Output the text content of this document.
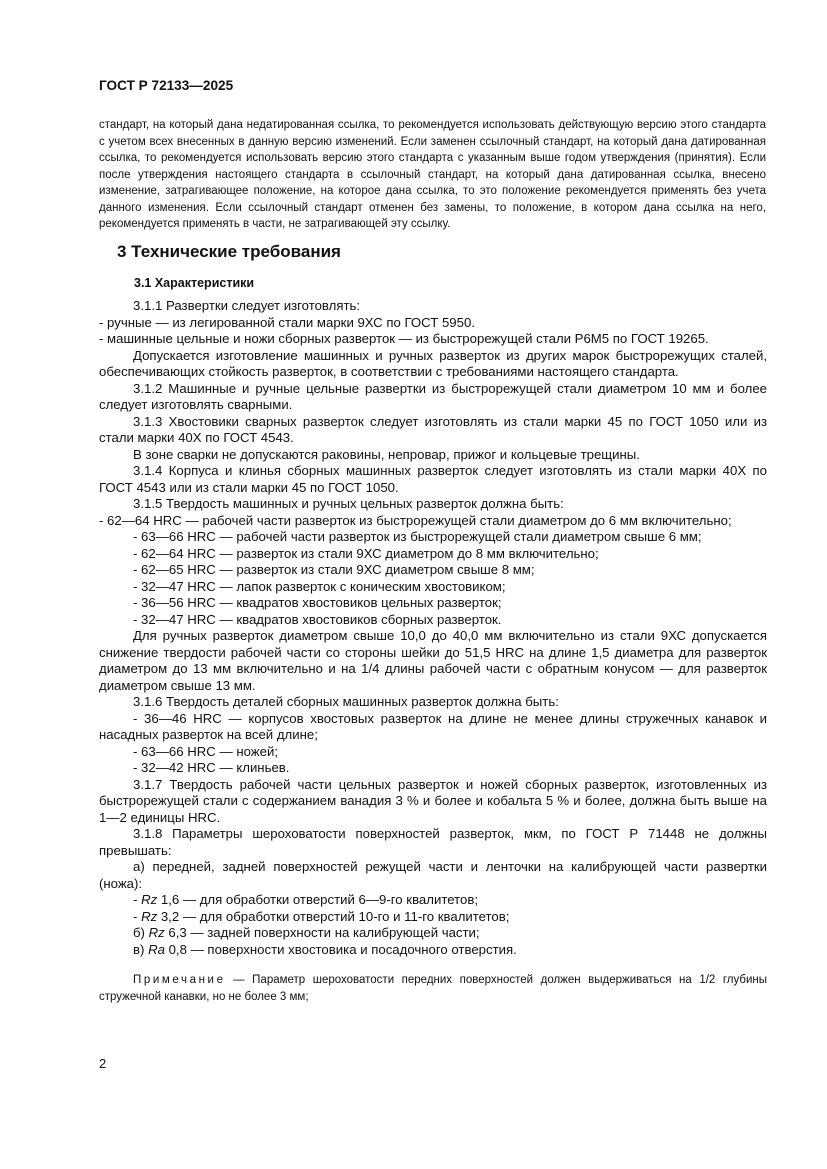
ГОСТ Р 72133—2025

стандарт, на который дана недатированная ссылка, то рекомендуется использовать действующую версию этого стандарта с учетом всех внесенных в данную версию изменений. Если заменен ссылочный стандарт, на который дана датированная ссылка, то рекомендуется использовать версию этого стандарта с указанным выше годом утверждения (принятия). Если после утверждения настоящего стандарта в ссылочный стандарт, на который дана датированная ссылка, внесено изменение, затрагивающее положение, на которое дана ссылка, то это положение рекомендуется применять без учета данного изменения. Если ссылочный стандарт отменен без замены, то положение, в котором дана ссылка на него, рекомендуется применять в части, не затрагивающей эту ссылку.

3 Технические требования
3.1 Характеристики

3.1.1 Развертки следует изготовлять:

- ручные — из легированной стали марки 9ХС по ГОСТ 5950.

- машинные цельные и ножи сборных разверток — из быстрорежущей стали Р6М5 по ГОСТ 19265.

Допускается изготовление машинных и ручных разверток из других марок быстрорежущих сталей, обеспечивающих стойкость разверток, в соответствии с требованиями настоящего стандарта.

3.1.2 Машинные и ручные цельные развертки из быстрорежущей стали диаметром 10 мм и более следует изготовлять сварными.

3.1.3 Хвостовики сварных разверток следует изготовлять из стали марки 45 по ГОСТ 1050 или из стали марки 40Х по ГОСТ 4543.

В зоне сварки не допускаются раковины, непровар, прижог и кольцевые трещины.

3.1.4 Корпуса и клинья сборных машинных разверток следует изготовлять из стали марки 40Х по ГОСТ 4543 или из стали марки 45 по ГОСТ 1050.

3.1.5 Твердость машинных и ручных цельных разверток должна быть:

- 62—64 HRC — рабочей части разверток из быстрорежущей стали диаметром до 6 мм включительно;

- 63—66 HRC — рабочей части разверток из быстрорежущей стали диаметром свыше 6 мм;

- 62—64 HRC — разверток из стали 9ХС диаметром до 8 мм включительно;

- 62—65 HRC — разверток из стали 9ХС диаметром свыше 8 мм;

- 32—47 HRC — лапок разверток с коническим хвостовиком;

- 36—56 HRC — квадратов хвостовиков цельных разверток;

- 32—47 HRC — квадратов хвостовиков сборных разверток.

Для ручных разверток диаметром свыше 10,0 до 40,0 мм включительно из стали 9ХС допускается снижение твердости рабочей части со стороны шейки до 51,5 HRC на длине 1,5 диаметра для разверток диаметром до 13 мм включительно и на 1/4 длины рабочей части с обратным конусом — для разверток диаметром свыше 13 мм.

3.1.6 Твердость деталей сборных машинных разверток должна быть:

- 36—46 HRC — корпусов хвостовых разверток на длине не менее длины стружечных канавок и насадных разверток на всей длине;

- 63—66 HRC — ножей;

- 32—42 HRC — клиньев.

3.1.7 Твердость рабочей части цельных разверток и ножей сборных разверток, изготовленных из быстрорежущей стали с содержанием ванадия 3 % и более и кобальта 5 % и более, должна быть выше на 1—2 единицы HRC.

3.1.8 Параметры шероховатости поверхностей разверток, мкм, по ГОСТ Р 71448 не должны превышать:

а) передней, задней поверхностей режущей части и ленточки на калибрующей части развертки (ножа):

- Rz 1,6 — для обработки отверстий 6—9-го квалитетов;

- Rz 3,2 — для обработки отверстий 10-го и 11-го квалитетов;

б) Rz 6,3 — задней поверхности на калибрующей части;

в) Ra 0,8 — поверхности хвостовика и посадочного отверстия.

Примечание — Параметр шероховатости передних поверхностей должен выдерживаться на 1/2 глубины стружечной канавки, но не более 3 мм;

2
